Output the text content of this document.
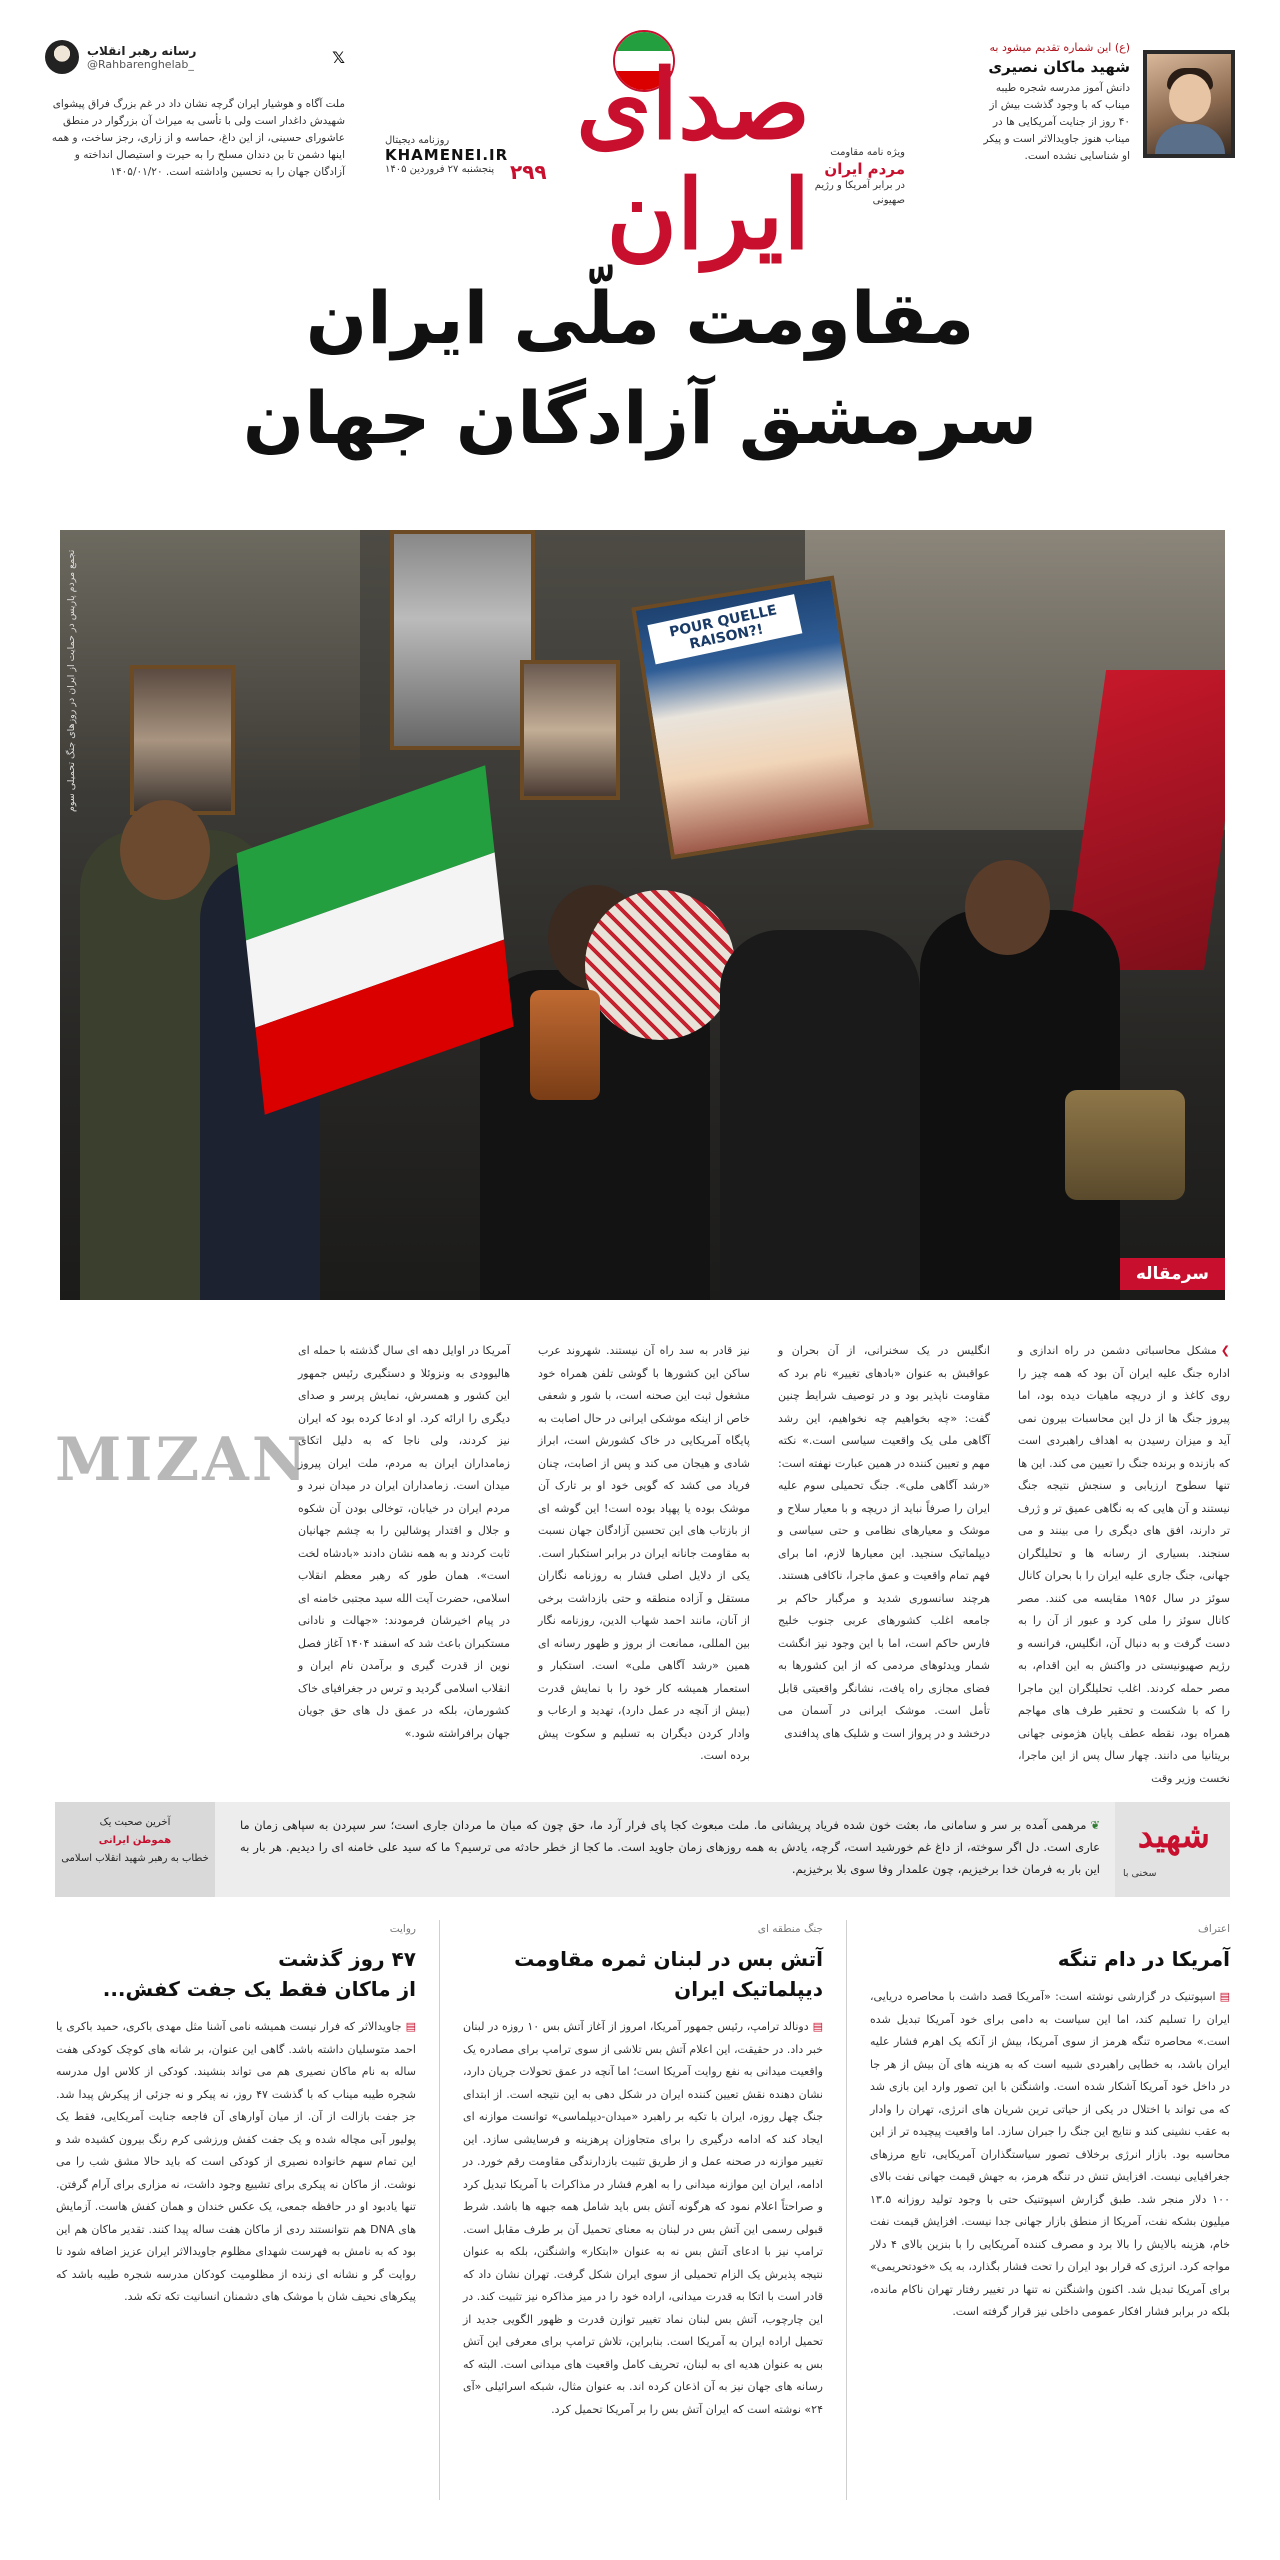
(ع) این شماره تقدیم میشود به
شهید ماکان نصیری
دانش آموز مدرسه شجره طیبه میناب که با وجود گذشت بیش از ۴۰ روز از جنایت آمریکایی ها در میناب هنوز جاویدالاثر است و پیکر او شناسایی نشده است.
صدای ایران
ویژه نامه مقاومت
مردم ایران
در برابر آمریکا و رژیم صهیونی
۲۹۹
روزنامه دیجیتال
KHAMENEI.IR
پنجشنبه ۲۷ فروردین ۱۴۰۵
𝕏
رسانه رهبر انقلاب
@Rahbarenghelab_
ملت آگاه و هوشیار ایران گرچه نشان داد در غم بزرگ فراق پیشوای شهیدش داغدار است ولی با تأسی به میراث آن بزرگوار در منطق عاشورای حسینی، از این داغ، حماسه و از زاری، رجز ساخت، و همه اینها دشمن تا بن دندان مسلح را به حیرت و استیصال انداخته و آزادگان جهان را به تحسین واداشته است. ۱۴۰۵/۰۱/۲۰
مقاومت ملّی ایران
سرمشق آزادگان جهان
POUR QUELLE RAISON?!
تجمع مردم پاریس در حمایت از ایران در روزهای جنگ تحمیلی سوم
سرمقاله
MIZAN

❯مشکل محاسباتی دشمن در راه اندازی و اداره جنگ علیه ایران آن بود که همه چیز را روی کاغذ و از دریچه ماهیات دیده بود، اما پیروز جنگ ها از دل این محاسبات بیرون نمی آید و میزان رسیدن به اهداف راهبردی است که بازنده و برنده جنگ را تعیین می کند. این ها تنها سطوح ارزیابی و سنجش نتیجه جنگ نیستند و آن هایی که به نگاهی عمیق تر و ژرف تر دارند، افق های دیگری را می بینند و می سنجند. بسیاری از رسانه ها و تحلیلگران جهانی، جنگ جاری علیه ایران را با بحران کانال سوئز در سال ۱۹۵۶ مقایسه می کنند. مصر کانال سوئز را ملی کرد و عبور از آن را به دست گرفت و به دنبال آن، انگلیس، فرانسه و رژیم صهیونیستی در واکنش به این اقدام، به مصر حمله کردند. اغلب تحلیلگران این ماجرا را که با شکست و تحقیر طرف های مهاجم همراه بود، نقطه عطف پایان هژمونی جهانی بریتانیا می دانند. چهار سال پس از این ماجرا، نخست وزیر وقت

انگلیس در یک سخنرانی، از آن بحران و عواقبش به عنوان «بادهای تغییر» نام برد که مقاومت ناپذیر بود و در توصیف شرایط چنین گفت: «چه بخواهیم چه نخواهیم، این رشد آگاهی ملی یک واقعیت سیاسی است.» نکته مهم و تعیین کننده در همین عبارت نهفته است: «رشد آگاهی ملی». جنگ تحمیلی سوم علیه ایران را صرفاً نباید از دریچه و با معیار سلاح و موشک و معیارهای نظامی و حتی سیاسی و دیپلماتیک سنجید. این معیارها لازم، اما برای فهم تمام واقعیت و عمق ماجرا، ناکافی هستند. هرچند سانسوری شدید و مرگبار حاکم بر جامعه اغلب کشورهای عربی جنوب خلیج فارس حاکم است، اما با این وجود نیز انگشت شمار ویدئوهای مردمی که از این کشورها به فضای مجازی راه یافت، نشانگر واقعیتی قابل تأمل است. موشک ایرانی در آسمان می درخشد و در پرواز است و شلیک های پدافندی

نیز قادر به سد راه آن نیستند. شهروند عرب ساکن این کشورها با گوشی تلفن همراه خود مشغول ثبت این صحنه است، با شور و شعفی خاص از اینکه موشکی ایرانی در حال اصابت به پایگاه آمریکایی در خاک کشورش است، ابراز شادی و هیجان می کند و پس از اصابت، چنان فریاد می کشد که گویی خود او بر تارک آن موشک بوده یا پهپاد بوده است! این گوشه ای از بازتاب های این تحسین آزادگان جهان نسبت به مقاومت جانانه ایران در برابر استکبار است. یکی از دلایل اصلی فشار به روزنامه نگاران مستقل و آزاده منطقه و حتی بازداشت برخی از آنان، مانند احمد شهاب الدین، روزنامه نگار بین المللی، ممانعت از بروز و ظهور رسانه ای همین «رشد آگاهی ملی» است. استکبار و استعمار همیشه کار خود را با نمایش قدرت (بیش از آنچه در عمل دارد)، تهدید و ارعاب و وادار کردن دیگران به تسلیم و سکوت پیش برده است.

آمریکا در اوایل دهه ای سال گذشته با حمله ای هالیوودی به ونزوئلا و دستگیری رئیس جمهور این کشور و همسرش، نمایش پرسر و صدای دیگری را ارائه کرد. او ادعا کرده بود که ایران نیز کردند، ولی ناجا که به دلیل اتکای زمامداران ایران به مردم، ملت ایران پیروز میدان است. زمامداران ایران در میدان نبرد و مردم ایران در خیابان، توخالی بودن آن شکوه و جلال و اقتدار پوشالین را به چشم جهانیان ثابت کردند و به همه نشان دادند «بادشاه لخت است». همان طور که رهبر معظم انقلاب اسلامی، حضرت آیت الله سید مجتبی خامنه ای در پیام اخیرشان فرمودند: «جهالت و نادانی مستکبران باعث شد که اسفند ۱۴۰۴ آغاز فصل نوین از قدرت گیری و برآمدن نام ایران و انقلاب اسلامی گردید و ترس در جغرافیای خاک کشورمان، بلکه در عمق دل های حق جویان جهان برافراشته شود.»

شهید
سخنی با

❦مرهمی آمده بر سر و سامانی ما، بعثت خون شده فریاد پریشانی ما. ملت مبعوث کجا پای فرار آرد ما، حق چون که میان ما مردان جاری است؛ سر سپردن به سپاهی زمان ما عاری است. دل اگر سوخته، از داغ غم خورشید است، گرچه، یادش به همه روزهای زمان جاوید است. ما کجا از خطر حادثه می ترسیم؟ ما که سید علی خامنه ای را دیدیم. هر بار به این بار به فرمان خدا برخیزیم، چون علمدار وفا سوی بلا برخیزیم.

آخرین صحبت یک
هموطن ایرانی
خطاب به رهبر شهید انقلاب اسلامی
اعتراف
آمریکا در دام تنگه

▤اسپوتنیک در گزارشی نوشته است: «آمریکا قصد داشت با محاصره دریایی، ایران را تسلیم کند، اما این سیاست به دامی برای خود آمریکا تبدیل شده است.» محاصره تنگه هرمز از سوی آمریکا، بیش از آنکه یک اهرم فشار علیه ایران باشد، به خطایی راهبردی شبیه است که به هزینه های آن بیش از هر جا در داخل خود آمریکا آشکار شده است. واشنگتن با این تصور وارد این بازی شد که می تواند با اختلال در یکی از حیاتی ترین شریان های انرژی، تهران را وادار به عقب نشینی کند و نتایج این جنگ را جبران سازد. اما واقعیت پیچیده تر از این محاسبه بود. بازار انرژی برخلاف تصور سیاستگذاران آمریکایی، تابع مرزهای جغرافیایی نیست. افزایش تنش در تنگه هرمز، به جهش قیمت جهانی نفت بالای ۱۰۰ دلار منجر شد. طبق گزارش اسپوتنیک حتی با وجود تولید روزانه ۱۳.۵ میلیون بشکه نفت، آمریکا از منطق بازار جهانی جدا نیست. افزایش قیمت نفت خام، هزینه بالایش را بالا برد و مصرف کننده آمریکایی را با بنزین بالای ۴ دلار مواجه کرد. انرژی که قرار بود ایران را تحت فشار بگذارد، به یک «خودتحریمی» برای آمریکا تبدیل شد. اکنون واشنگتن نه تنها در تغییر رفتار تهران ناکام مانده، بلکه در برابر فشار افکار عمومی داخلی نیز قرار گرفته است.

جنگ منطقه ای
آتش بس در لبنان ثمره مقاومت دیپلماتیک ایران

▤دونالد ترامپ، رئیس جمهور آمریکا، امروز از آغاز آتش بس ۱۰ روزه در لبنان خبر داد. در حقیقت، این اعلام آتش بس تلاشی از سوی ترامپ برای مصادره یک واقعیت میدانی به نفع روایت آمریکا است؛ اما آنچه در عمق تحولات جریان دارد، نشان دهنده نقش تعیین کننده ایران در شکل دهی به این نتیجه است. از ابتدای جنگ چهل روزه، ایران با تکیه بر راهبرد «میدان-دیپلماسی» توانست موازنه ای ایجاد کند که ادامه درگیری را برای متجاوزان پرهزینه و فرسایشی سازد. این تغییر موازنه در صحنه عمل و از طریق تثبیت بازدارندگی مقاومت رقم خورد. در ادامه، ایران این موازنه میدانی را به اهرم فشار در مذاکرات با آمریکا تبدیل کرد و صراحتاً اعلام نمود که هرگونه آتش بس باید شامل همه جبهه ها باشد. شرط قبولی رسمی این آتش بس در لبنان به معنای تحمیل آن بر طرف مقابل است. ترامپ نیز با ادعای آتش بس نه به عنوان «ابتکار» واشنگتن، بلکه به عنوان نتیجه پذیرش یک الزام تحمیلی از سوی ایران شکل گرفت. تهران نشان داد که قادر است با اتکا به قدرت میدانی، اراده خود را در میز مذاکره نیز تثبیت کند. در این چارچوب، آتش بس لبنان نماد تغییر توازن قدرت و ظهور الگویی جدید از تحمیل اراده ایران به آمریکا است. بنابراین، تلاش ترامپ برای معرفی این آتش بس به عنوان هدیه ای به لبنان، تحریف کامل واقعیت های میدانی است. البته که رسانه های جهان نیز به آن اذعان کرده اند. به عنوان مثال، شبکه اسرائیلی «آی ۲۴» نوشته است که ایران آتش بس را بر آمریکا تحمیل کرد.

روایت
۴۷ روز گذشت
از ماکان فقط یک جفت کفش...

▤جاویدالاثر که فرار نیست همیشه نامی آشنا مثل مهدی باکری، حمید باکری یا احمد متوسلیان داشته باشد. گاهی این عنوان، بر شانه های کوچک کودکی هفت ساله به نام ماکان نصیری هم می تواند بنشیند. کودکی از کلاس اول مدرسه شجره طیبه میناب که با گذشت ۴۷ روز، نه پیکر و نه جزئی از پیکرش پیدا شد. جز جفت بازالت از آن. از میان آوارهای آن فاجعه جنایت آمریکایی، فقط یک پولیور آبی مچاله شده و یک جفت کفش ورزشی کرم رنگ بیرون کشیده شد و این تمام سهم خانواده نصیری از کودکی است که باید حالا مشق شب را می نوشت. از ماکان نه پیکری برای تشییع وجود داشت، نه مزاری برای آرام گرفتن. تنها یادبود او در حافظه جمعی، یک عکس خندان و همان کفش هاست. آزمایش های DNA هم نتوانستند ردی از ماکان هفت ساله پیدا کنند. تقدیر ماکان هم این بود که به نامش به فهرست شهدای مظلوم جاویدالاثر ایران عزیز اضافه شود تا روایت گر و نشانه ای زنده از مظلومیت کودکان مدرسه شجره طیبه باشد که پیکرهای نحیف شان با موشک های دشمنان انسانیت تکه تکه شد.
